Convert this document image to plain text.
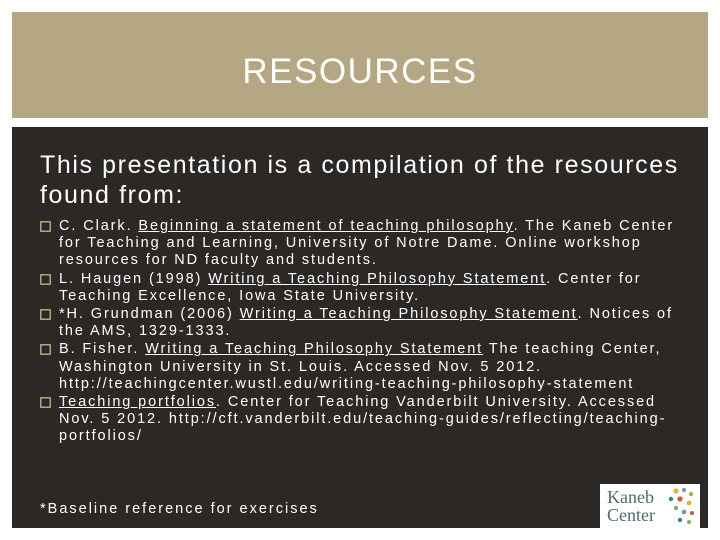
RESOURCES
This presentation is a compilation of the resources found from:
C. Clark. Beginning a statement of teaching philosophy. The Kaneb Center for Teaching and Learning, University of Notre Dame. Online workshop resources for ND faculty and students.
L. Haugen (1998) Writing a Teaching Philosophy Statement. Center for Teaching Excellence, Iowa State University.
*H. Grundman (2006) Writing a Teaching Philosophy Statement. Notices of the AMS, 1329-1333.
B. Fisher. Writing a Teaching Philosophy Statement The teaching Center, Washington University in St. Louis. Accessed Nov. 5 2012. http://teachingcenter.wustl.edu/writing-teaching-philosophy-statement
Teaching portfolios. Center for Teaching Vanderbilt University. Accessed Nov. 5 2012. http://cft.vanderbilt.edu/teaching-guides/reflecting/teaching-portfolios/
*Baseline reference for exercises
Kaneb
Center
